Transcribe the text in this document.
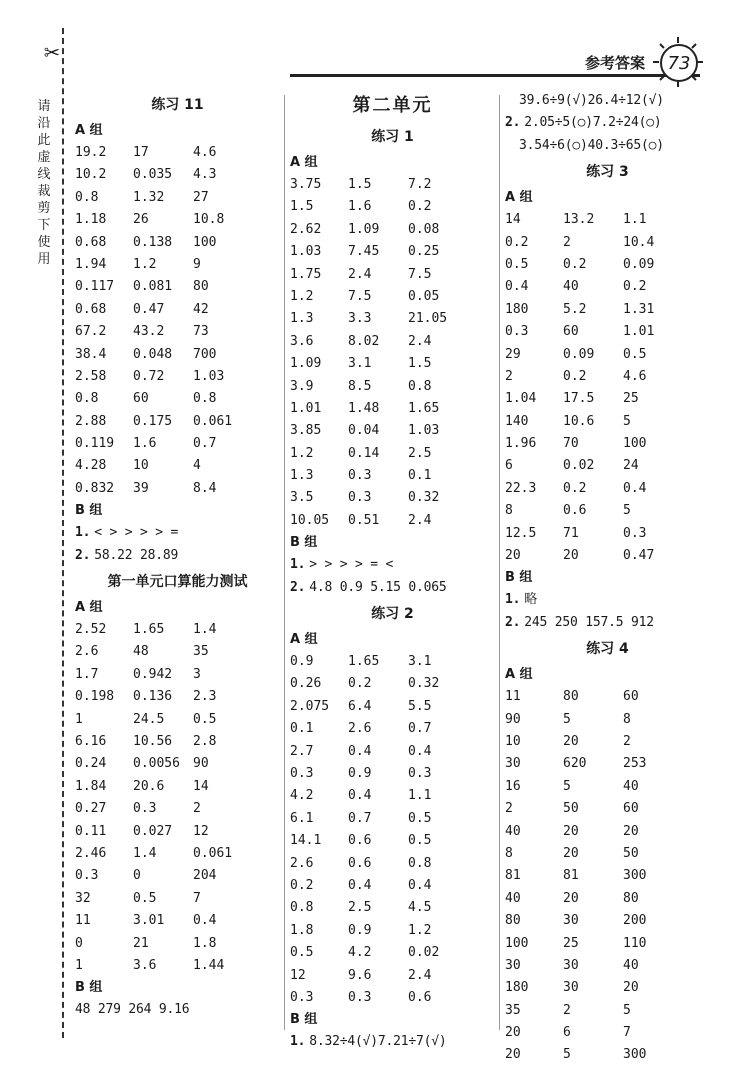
✂
请沿此虚线裁剪下使用
参考答案	73
练习 11
A 组
19.2	17	4.6
10.2	0.035	4.3
0.8	1.32	27
1.18	26	10.8
0.68	0.138	100
1.94	1.2	9
0.117	0.081	80
0.68	0.47	42
67.2	43.2	73
38.4	0.048	700
2.58	0.72	1.03
0.8	60	0.8
2.88	0.175	0.061
0.119	1.6	0.7
4.28	10	4
0.832	39	8.4
B 组
1. < > > > > =
2. 58.22 28.89
第一单元口算能力测试
A 组
2.52	1.65	1.4
2.6	48	35
1.7	0.942	3
0.198	0.136	2.3
1	24.5	0.5
6.16	10.56	2.8
0.24	0.0056	90
1.84	20.6	14
0.27	0.3	2
0.11	0.027	12
2.46	1.4	0.061
0.3	0	204
32	0.5	7
11	3.01	0.4
0	21	1.8
1	3.6	1.44
B 组
48 279 264 9.16
第二单元
练习 1
A 组
3.75	1.5	7.2
1.5	1.6	0.2
2.62	1.09	0.08
1.03	7.45	0.25
1.75	2.4	7.5
1.2	7.5	0.05
1.3	3.3	21.05
3.6	8.02	2.4
1.09	3.1	1.5
3.9	8.5	0.8
1.01	1.48	1.65
3.85	0.04	1.03
1.2	0.14	2.5
1.3	0.3	0.1
3.5	0.3	0.32
10.05	0.51	2.4
B 组
1. > > > > = <
2. 4.8 0.9 5.15 0.065
练习 2
A 组
0.9	1.65	3.1
0.26	0.2	0.32
2.075	6.4	5.5
0.1	2.6	0.7
2.7	0.4	0.4
0.3	0.9	0.3
4.2	0.4	1.1
6.1	0.7	0.5
14.1	0.6	0.5
2.6	0.6	0.8
0.2	0.4	0.4
0.8	2.5	4.5
1.8	0.9	1.2
0.5	4.2	0.02
12	9.6	2.4
0.3	0.3	0.6
B 组
1. 8.32÷4(√)7.21÷7(√)
39.6÷9(√)26.4÷12(√)
2. 2.05÷5(○)7.2÷24(○)
3.54÷6(○)40.3÷65(○)
练习 3
A 组
14	13.2	1.1
0.2	2	10.4
0.5	0.2	0.09
0.4	40	0.2
180	5.2	1.31
0.3	60	1.01
29	0.09	0.5
2	0.2	4.6
1.04	17.5	25
140	10.6	5
1.96	70	100
6	0.02	24
22.3	0.2	0.4
8	0.6	5
12.5	71	0.3
20	20	0.47
B 组
1. 略
2. 245 250 157.5 912
练习 4
A 组
11	80	60
90	5	8
10	20	2
30	620	253
16	5	40
2	50	60
40	20	20
8	20	50
81	81	300
40	20	80
80	30	200
100	25	110
30	30	40
180	30	20
35	2	5
20	6	7
20	5	300
